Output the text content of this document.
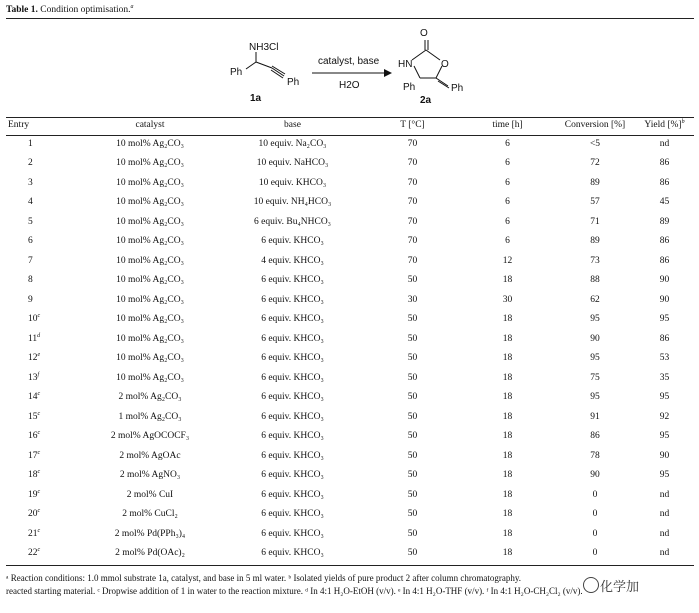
Table 1. Condition optimisation.$^a$
NH3Cl
Ph
Ph
1a
catalyst, base
H2O
O
HN	O
Ph	Ph
2a
Entry	catalyst	base	T [°C]	time [h]	Conversion [%]	Yield [%]$^b$
1	10 mol% Ag₂CO₃	10 equiv. Na₂CO₃	70	6	<5	nd
2	10 mol% Ag₂CO₃	10 equiv. NaHCO₃	70	6	72	86
3	10 mol% Ag₂CO₃	10 equiv. KHCO₃	70	6	89	86
4	10 mol% Ag₂CO₃	10 equiv. NH₄HCO₃	70	6	57	45
5	10 mol% Ag₂CO₃	6 equiv. Bu₄NHCO₃	70	6	71	89
6	10 mol% Ag₂CO₃	6 equiv. KHCO₃	70	6	89	86
7	10 mol% Ag₂CO₃	4 equiv. KHCO₃	70	12	73	86
8	10 mol% Ag₂CO₃	6 equiv. KHCO₃	50	18	88	90
9	10 mol% Ag₂CO₃	6 equiv. KHCO₃	30	30	62	90
10$^c$	10 mol% Ag₂CO₃	6 equiv. KHCO₃	50	18	95	95
11$^d$	10 mol% Ag₂CO₃	6 equiv. KHCO₃	50	18	90	86
12e	10 mol% Ag₂CO₃	6 equiv. KHCO₃	50	18	95	53
13$^f$	10 mol% Ag₂CO₃	6 equiv. KHCO₃	50	18	75	35
14$^c$	2 mol% Ag₂CO₃	6 equiv. KHCO₃	50	18	95	95
15$^c$	1 mol% Ag₂CO₃	6 equiv. KHCO₃	50	18	91	92
16$^c$	2 mol% AgOCOCF₃	6 equiv. KHCO₃	50	18	86	95
17$^c$	2 mol% AgOAc	6 equiv. KHCO₃	50	18	78	90
18$^c$	2 mol% AgNO₃	6 equiv. KHCO₃	50	18	90	95
19$^c$	2 mol% CuI	6 equiv. KHCO₃	50	18	0	nd
20$^c$	2 mol% CuCl₂	6 equiv. KHCO₃	50	18	0	nd
21$^c$	2 mol% Pd(PPh₃)₄	6 equiv. KHCO₃	50	18	0	nd
22$^c$	2 mol% Pd(OAc)₂	6 equiv. KHCO₃	50	18	0	nd
ᵃ Reaction conditions: 1.0 mmol substrate 1a, catalyst, and base in 5 ml water. ᵇ Isolated yields of pure product 2 after column chromatography.
reacted starting material. ᶜ Dropwise addition of 1 in water to the reaction mixture. ᵈ In 4:1 H₂O-EtOH (v/v). ᵉ In 4:1 H₂O-THF (v/v). ᶠ In 4:1 H₂O-CH₂Cl₂ (v/v).	化学加
